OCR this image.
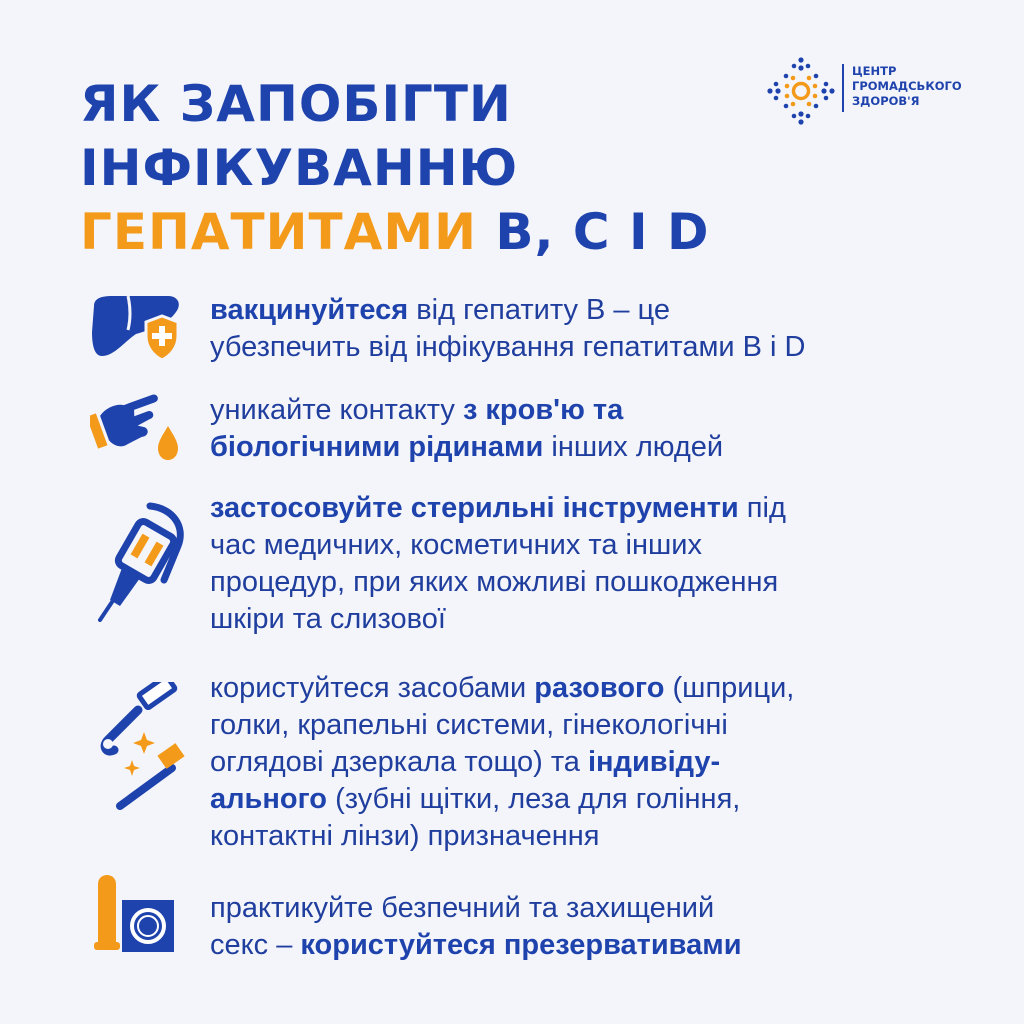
ЯК ЗАПОБІГТИ
ІНФІКУВАННЮ
ГЕПАТИТАМИ В, С І D
ЦЕНТР
ГРОМАДСЬКОГО
ЗДОРОВ'Я
вакцинуйтеся від гепатиту В – це
убезпечить від інфікування гепатитами В і D
уникайте контакту з кров'ю та
біологічними рідинами інших людей
застосовуйте стерильні інструменти під
час медичних, косметичних та інших
процедур, при яких можливі пошкодження
шкіри та слизової
користуйтеся засобами разового (шприци,
голки, крапельні системи, гінекологічні
оглядові дзеркала тощо) та індивіду-
ального (зубні щітки, леза для гоління,
контактні лінзи) призначення
практикуйте безпечний та захищений
секс – користуйтеся презервативами
